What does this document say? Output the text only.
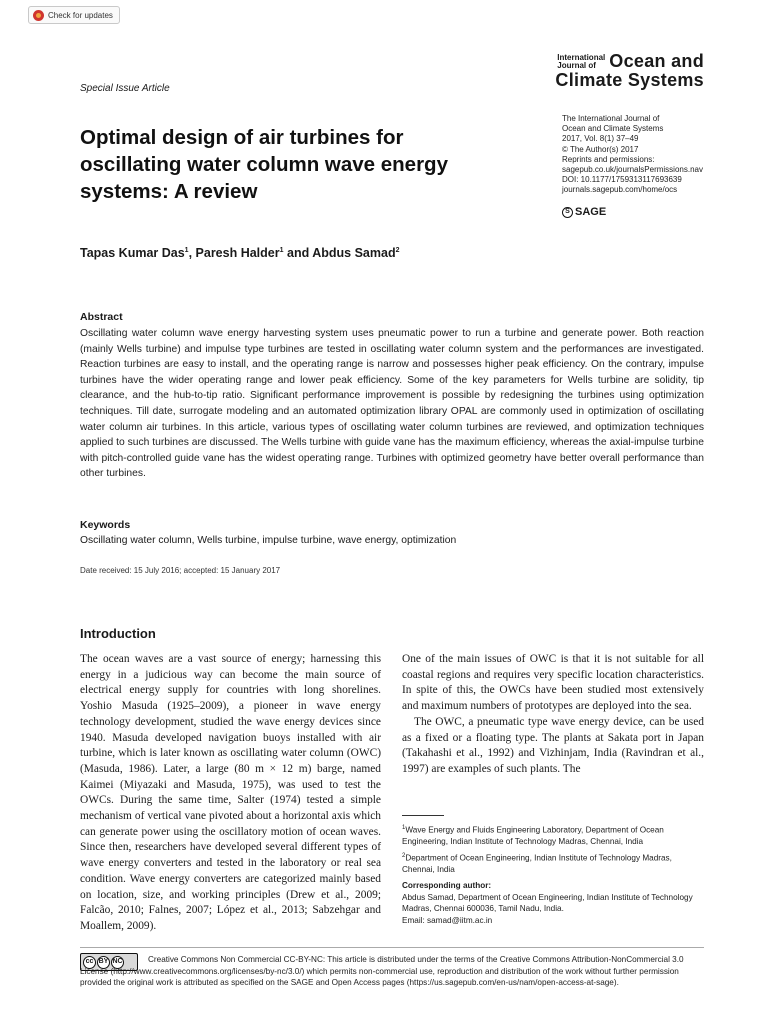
Check for updates
International
Journal of Ocean and
Climate Systems
Special Issue Article
Optimal design of air turbines for oscillating water column wave energy systems: A review
The International Journal of
Ocean and Climate Systems
2017, Vol. 8(1) 37–49
© The Author(s) 2017
Reprints and permissions:
sagepub.co.uk/journalsPermissions.nav
DOI: 10.1177/1759313117693639
journals.sagepub.com/home/ocs
S SAGE
Tapas Kumar Das$^1$, Paresh Halder$^1$ and Abdus Samad$^2$
Abstract

Oscillating water column wave energy harvesting system uses pneumatic power to run a turbine and generate power. Both reaction (mainly Wells turbine) and impulse type turbines are tested in oscillating water column system and the performances are investigated. Reaction turbines are easy to install, and the operating range is narrow and possesses higher peak efficiency. On the contrary, impulse turbines have the wider operating range and lower peak efficiency. Some of the key parameters for Wells turbine are solidity, tip clearance, and the hub-to-tip ratio. Significant performance improvement is possible by redesigning the turbines using optimization techniques. Till date, surrogate modeling and an automated optimization library OPAL are commonly used in optimization of oscillating water column air turbines. In this article, various types of oscillating water column turbines are reviewed, and optimization techniques applied to such turbines are discussed. The Wells turbine with guide vane has the maximum efficiency, whereas the axial-impulse turbine with pitch-controlled guide vane has the widest operating range. Turbines with optimized geometry have better overall performance than other turbines.

Keywords
Oscillating water column, Wells turbine, impulse turbine, wave energy, optimization
Date received: 15 July 2016; accepted: 15 January 2017
Introduction

The ocean waves are a vast source of energy; harnessing this energy in a judicious way can become the main source of electrical energy supply for countries with long shorelines. Yoshio Masuda (1925–2009), a pioneer in wave energy technology development, studied the wave energy devices since 1940. Masuda developed navigation buoys installed with air turbine, which is later known as oscillating water column (OWC) (Masuda, 1986). Later, a large (80 m × 12 m) barge, named Kaimei (Miyazaki and Masuda, 1975), was used to test the OWCs. During the same time, Salter (1974) tested a simple mechanism of vertical vane pivoted about a horizontal axis which can generate power using the oscillatory motion of ocean waves. Since then, researchers have developed several different types of wave energy converters and tested in the laboratory or real sea condition. Wave energy converters are categorized mainly based on location, size, and working principles (Drew et al., 2009; Falcão, 2010; Falnes, 2007; López et al., 2013; Sabzehgar and Moallem, 2009).

One of the main issues of OWC is that it is not suitable for all coastal regions and requires very specific location characteristics. In spite of this, the OWCs have been studied most extensively and maximum numbers of prototypes are deployed into the sea.

The OWC, a pneumatic type wave energy device, can be used as a fixed or a floating type. The plants at Sakata port in Japan (Takahashi et al., 1992) and Vizhinjam, India (Ravindran et al., 1997) are examples of such plants. The

$^1$Wave Energy and Fluids Engineering Laboratory, Department of Ocean Engineering, Indian Institute of Technology Madras, Chennai, India
$^2$Department of Ocean Engineering, Indian Institute of Technology Madras, Chennai, India
Corresponding author:
Abdus Samad, Department of Ocean Engineering, Indian Institute of Technology Madras, Chennai 600036, Tamil Nadu, India.
Email: samad@iitm.ac.in
cc BY NC	Creative Commons Non Commercial CC-BY-NC: This article is distributed under the terms of the Creative Commons Attribution-NonCommercial 3.0 License (http://www.creativecommons.org/licenses/by-nc/3.0/) which permits non-commercial use, reproduction and distribution of the work without further permission provided the original work is attributed as specified on the SAGE and Open Access pages (https://us.sagepub.com/en-us/nam/open-access-at-sage).
